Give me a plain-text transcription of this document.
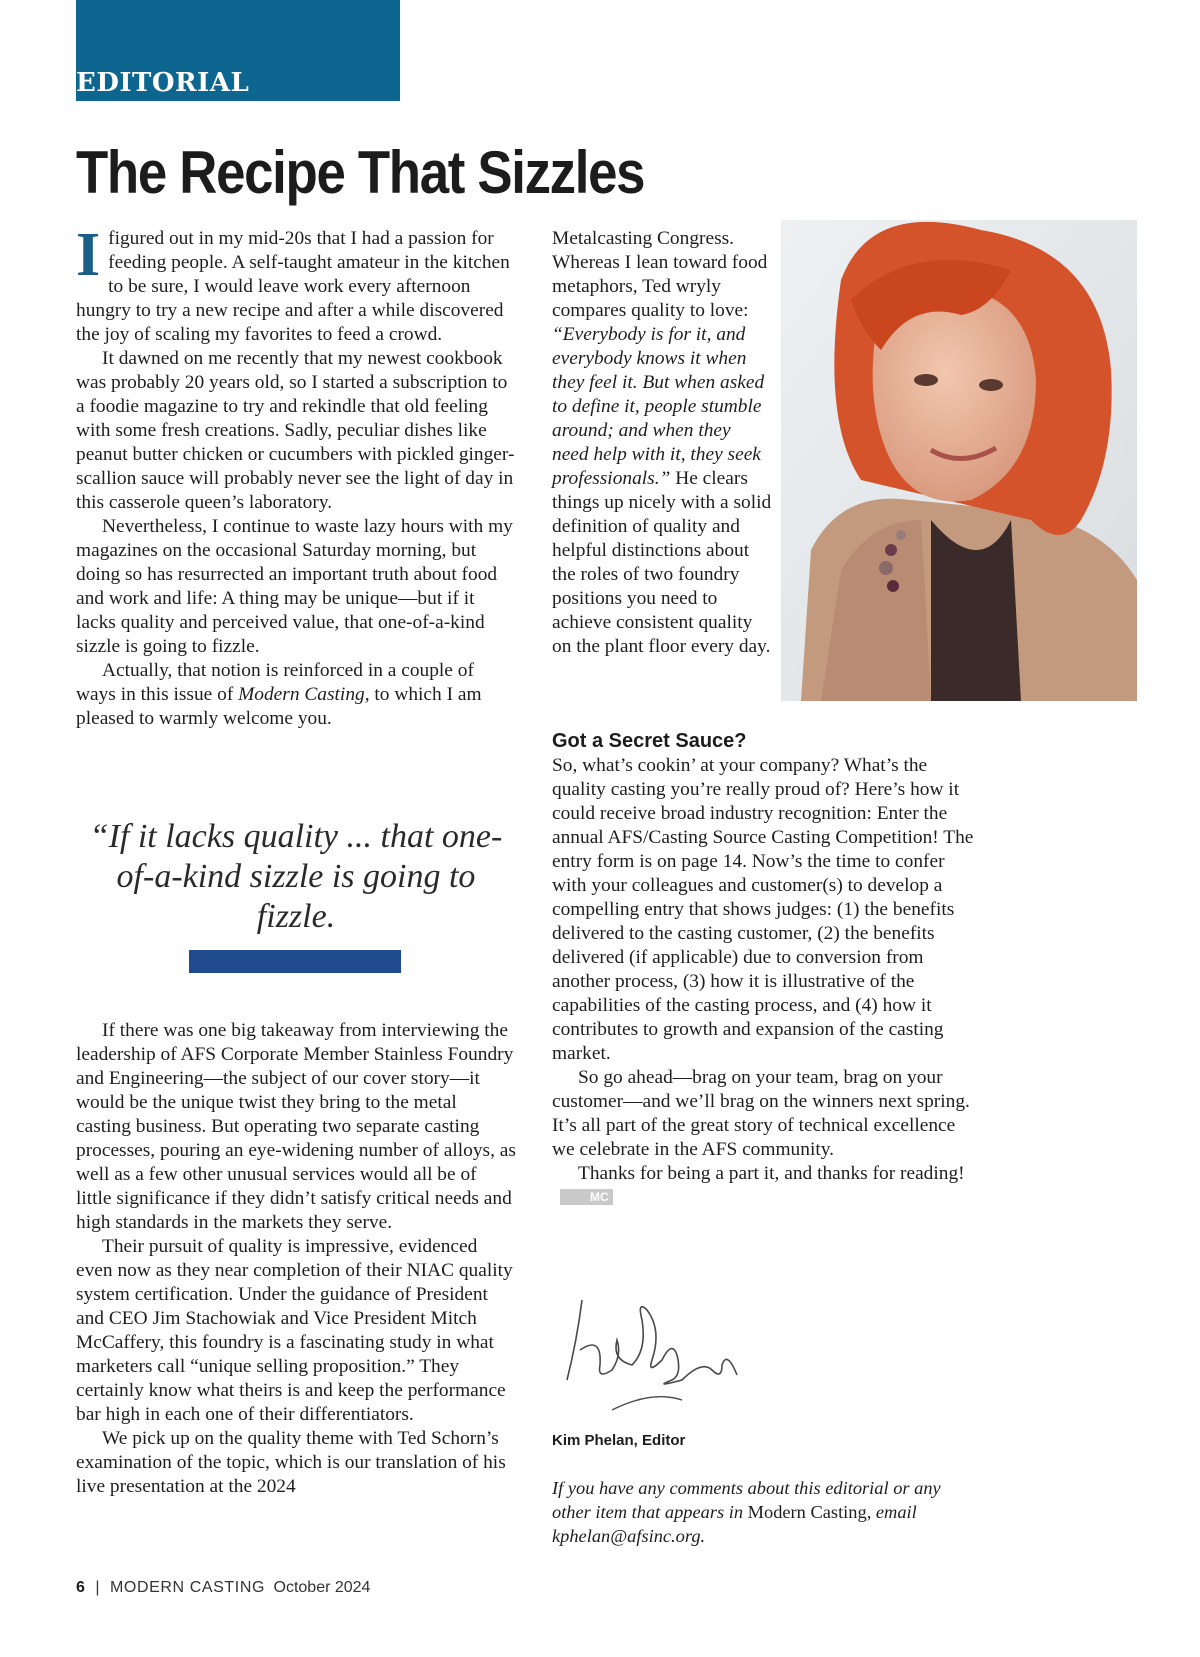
EDITORIAL
The Recipe That Sizzles

Ifigured out in my mid-20s that I had a passion for feeding people. A self-taught amateur in the kitchen to be sure, I would leave work every afternoon hungry to try a new recipe and after a while discovered the joy of scaling my favorites to feed a crowd.

It dawned on me recently that my newest cookbook was probably 20 years old, so I started a subscription to a foodie magazine to try and rekindle that old feeling with some fresh creations. Sadly, peculiar dishes like peanut butter chicken or cucumbers with pickled ginger-scallion sauce will probably never see the light of day in this casserole queen’s laboratory.

Nevertheless, I continue to waste lazy hours with my magazines on the occasional Saturday morning, but doing so has resurrected an important truth about food and work and life: A thing may be unique—but if it lacks quality and perceived value, that one-of-a-kind sizzle is going to fizzle.

Actually, that notion is reinforced in a couple of ways in this issue of Modern Casting, to which I am pleased to warmly welcome you.

“If it lacks quality ... that one-of-a-kind sizzle is going to fizzle.

If there was one big takeaway from interviewing the leadership of AFS Corporate Member Stainless Foundry and Engineering—the subject of our cover story—it would be the unique twist they bring to the metal casting business. But operating two separate casting processes, pouring an eye-widening number of alloys, as well as a few other unusual services would all be of little significance if they didn’t satisfy critical needs and high standards in the markets they serve.

Their pursuit of quality is impressive, evidenced even now as they near completion of their NIAC quality system certification. Under the guidance of President and CEO Jim Stachowiak and Vice President Mitch McCaffery, this foundry is a fascinating study in what marketers call “unique selling proposition.” They certainly know what theirs is and keep the performance bar high in each one of their differentiators.

We pick up on the quality theme with Ted Schorn’s examination of the topic, which is our translation of his live presentation at the 2024

Metalcasting Congress. Whereas I lean toward food metaphors, Ted wryly compares quality to love: “Everybody is for it, and everybody knows it when they feel it. But when asked to define it, people stumble around; and when they need help with it, they seek professionals.” He clears things up nicely with a solid definition of quality and helpful distinctions about the roles of two foundry positions you need to achieve consistent quality on the plant floor every day.

Got a Secret Sauce?

So, what’s cookin’ at your company? What’s the quality casting you’re really proud of? Here’s how it could receive broad industry recognition: Enter the annual AFS/Casting Source Casting Competition! The entry form is on page 14. Now’s the time to confer with your colleagues and customer(s) to develop a compelling entry that shows judges: (1) the benefits delivered to the casting customer, (2) the benefits delivered (if applicable) due to conversion from another process, (3) how it is illustrative of the capabilities of the casting process, and (4) how it contributes to growth and expansion of the casting market.

So go ahead—brag on your team, brag on your customer—and we’ll brag on the winners next spring. It’s all part of the great story of technical excellence we celebrate in the AFS community.

Thanks for being a part it, and thanks for reading!MC

Kim Phelan, Editor
If you have any comments about this editorial or any other item that appears in Modern Casting, email kphelan@afsinc.org.
6 | MODERN CASTING October 2024
